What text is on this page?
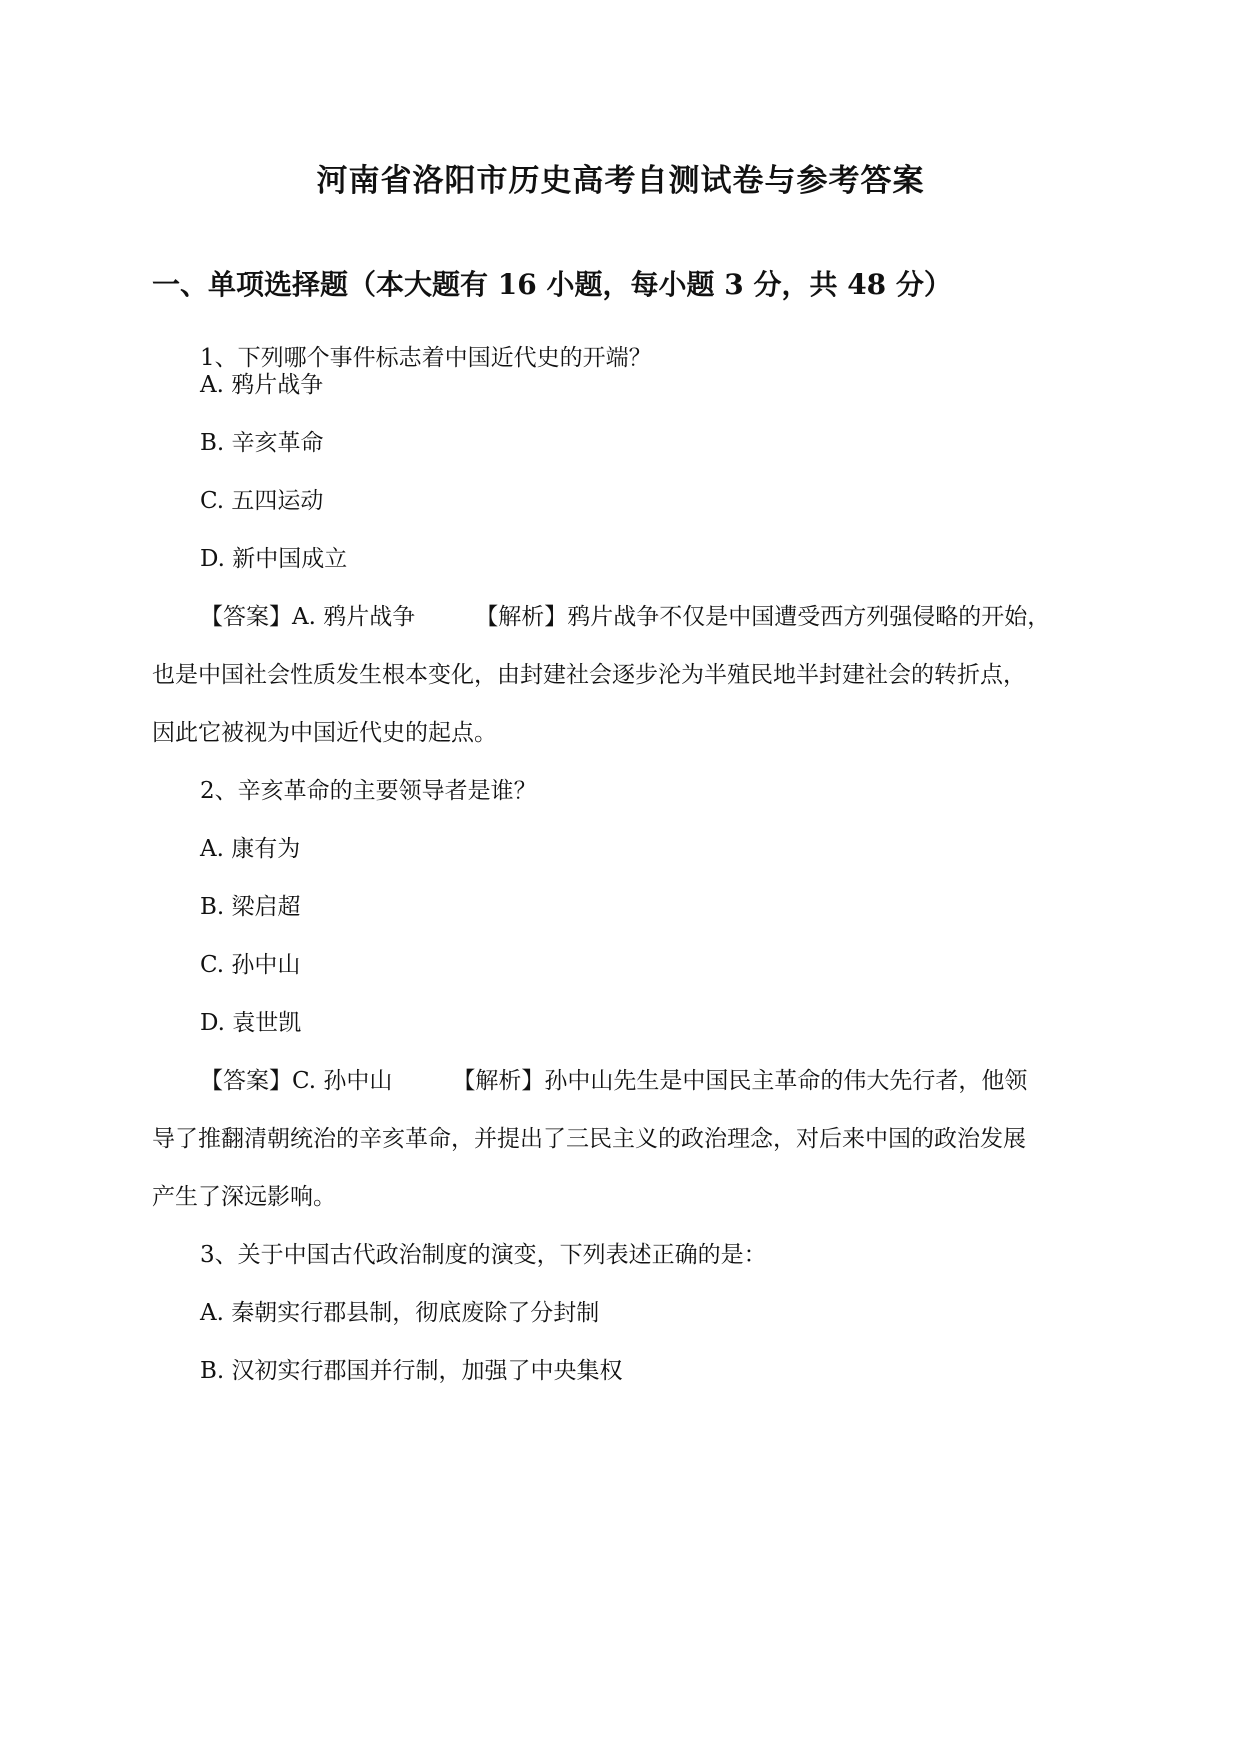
河南省洛阳市历史高考自测试卷与参考答案
一、单项选择题（本大题有 16 小题，每小题 3 分，共 48 分）
1、下列哪个事件标志着中国近代史的开端？
A. 鸦片战争
B. 辛亥革命
C. 五四运动
D. 新中国成立
【答案】A. 鸦片战争	【解析】鸦片战争不仅是中国遭受西方列强侵略的开始，
也是中国社会性质发生根本变化，由封建社会逐步沦为半殖民地半封建社会的转折点，
因此它被视为中国近代史的起点。
2、辛亥革命的主要领导者是谁？
A. 康有为
B. 梁启超
C. 孙中山
D. 袁世凯
【答案】C. 孙中山	【解析】孙中山先生是中国民主革命的伟大先行者，他领
导了推翻清朝统治的辛亥革命，并提出了三民主义的政治理念，对后来中国的政治发展
产生了深远影响。
3、关于中国古代政治制度的演变，下列表述正确的是：
A. 秦朝实行郡县制，彻底废除了分封制
B. 汉初实行郡国并行制，加强了中央集权
